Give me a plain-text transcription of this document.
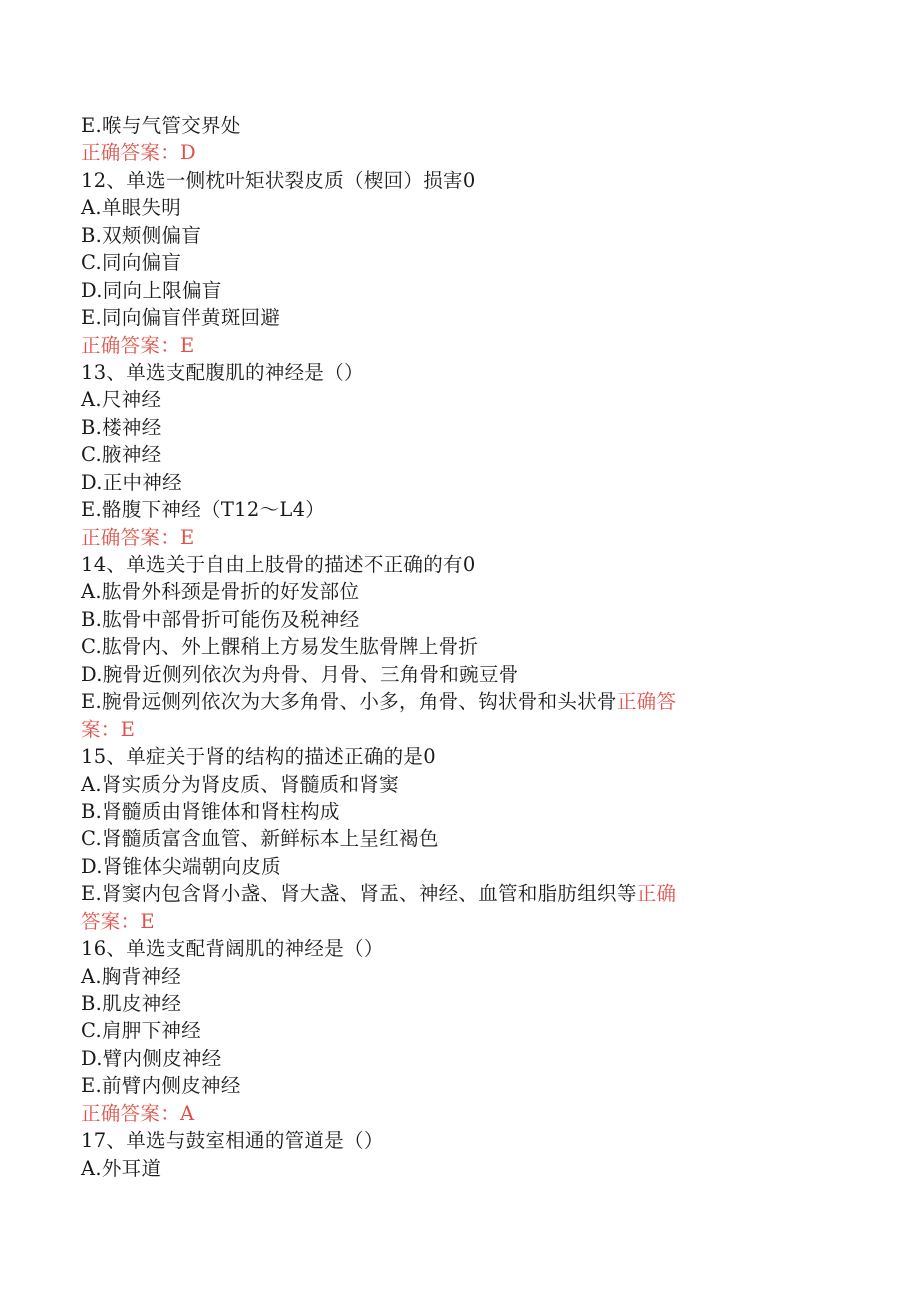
E.喉与气管交界处
正确答案：D
12、单选一侧枕叶矩状裂皮质（楔回）损害0
A.单眼失明
B.双颊侧偏盲
C.同向偏盲
D.同向上限偏盲
E.同向偏盲伴黄斑回避
正确答案：E
13、单选支配腹肌的神经是（）
A.尺神经
B.楼神经
C.腋神经
D.正中神经
E.骼腹下神经（T12～L4）
正确答案：E
14、单选关于自由上肢骨的描述不正确的有0
A.肱骨外科颈是骨折的好发部位
B.肱骨中部骨折可能伤及税神经
C.肱骨内、外上髁稍上方易发生肱骨牌上骨折
D.腕骨近侧列依次为舟骨、月骨、三角骨和豌豆骨
E.腕骨远侧列依次为大多角骨、小多，角骨、钩状骨和头状骨正确答
案：E
15、单症关于肾的结构的描述正确的是0
A.肾实质分为肾皮质、肾髓质和肾窦
B.肾髓质由肾锥体和肾柱构成
C.肾髓质富含血管、新鲜标本上呈红褐色
D.肾锥体尖端朝向皮质
E.肾窦内包含肾小盏、肾大盏、肾盂、神经、血管和脂肪组织等正确
答案：E
16、单选支配背阔肌的神经是（）
A.胸背神经
B.肌皮神经
C.肩胛下神经
D.臂内侧皮神经
E.前臂内侧皮神经
正确答案：A
17、单选与鼓室相通的管道是（）
A.外耳道
